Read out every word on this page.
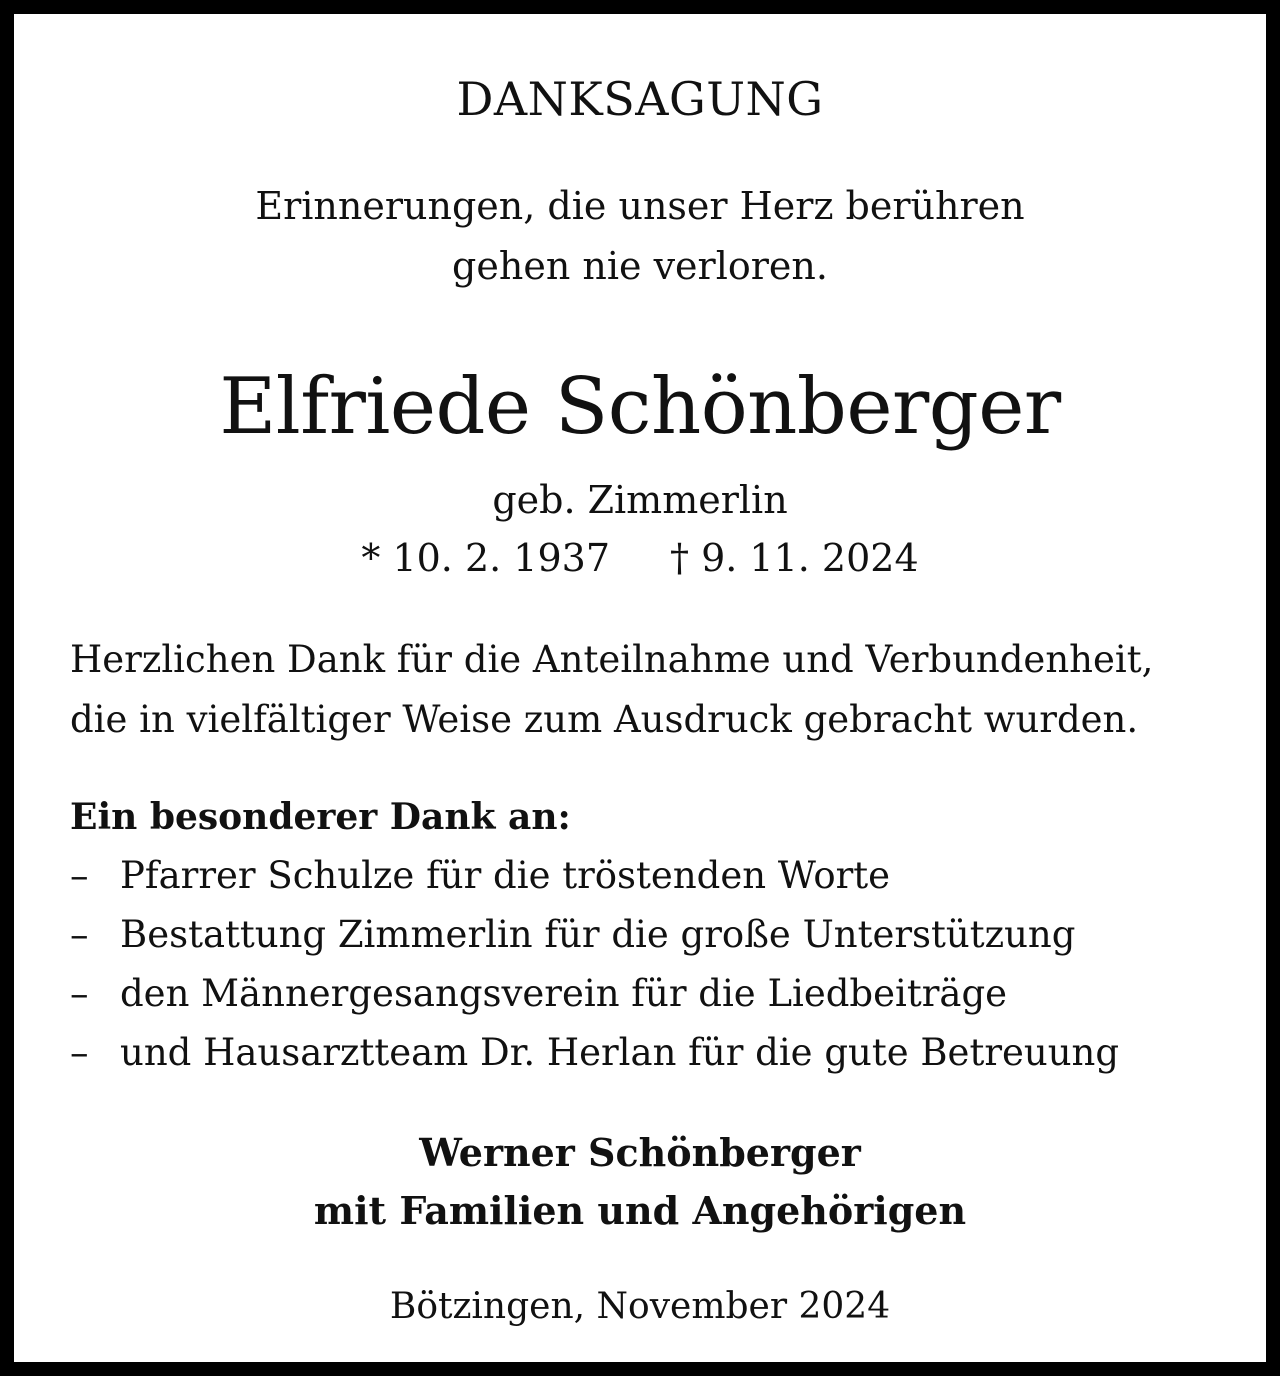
DANKSAGUNG
Erinnerungen, die unser Herz berühren
gehen nie verloren.
Elfriede Schönberger
geb. Zimmerlin
* 10. 2. 1937 † 9. 11. 2024
Herzlichen Dank für die Anteilnahme und Verbundenheit,
die in vielfältiger Weise zum Ausdruck gebracht wurden.
Ein besonderer Dank an:
– Pfarrer Schulze für die tröstenden Worte
– Bestattung Zimmerlin für die große Unterstützung
– den Männergesangsverein für die Liedbeiträge
– und Hausarztteam Dr. Herlan für die gute Betreuung
Werner Schönberger
mit Familien und Angehörigen
Bötzingen, November 2024
